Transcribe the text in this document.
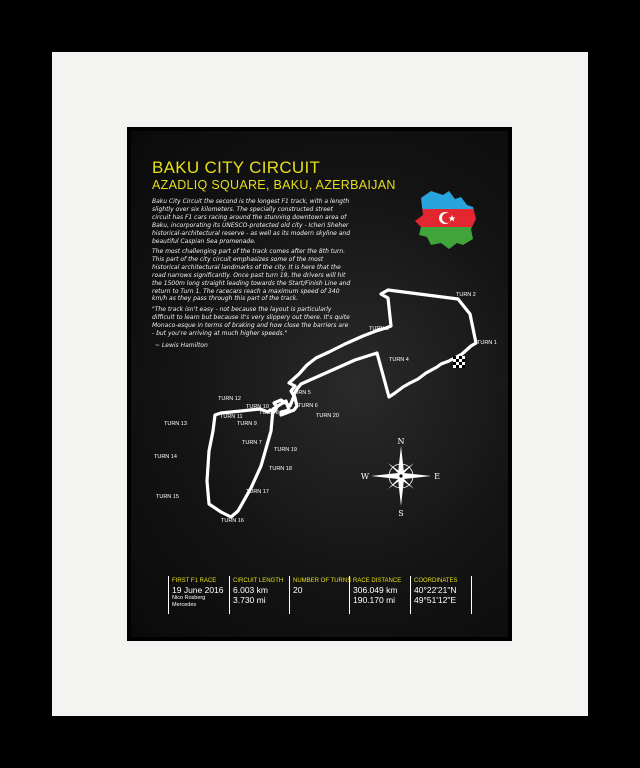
BAKU CITY CIRCUIT
AZADLIQ SQUARE, BAKU, AZERBAIJAN
Baku City Circuit the second is the longest F1 track, with a length slightly over six kilometers. The specially constructed street circuit has F1 cars racing around the stunning downtown area of Baku, incorporating its UNESCO-protected old city - Icheri Sheher historical-architectural reserve - as well as its modern skyline and beautiful Caspian Sea promenade.
The most challenging part of the track comes after the 8th turn. This part of the city circuit emphasizes some of the most historical architectural landmarks of the city. It is here that the road narrows significantly. Once past turn 19, the drivers will hit the 1500m long straight leading towards the Start/Finish Line and return to Turn 1. The racecars reach a maximum speed of 340 km/h as they pass through this part of the track.
"The track isn't easy - not because the layout is particularly difficult to learn but because it's very slippery out there. It's quite Monaco-esque in terms of braking and how close the barriers are - but you're arriving at much higher speeds."
~ Lewis Hamilton	TURN 1
TURN 2
TURN 3
TURN 4
TURN 5
TURN 6
TURN 7
TURN 8
TURN 9
TURN 10
TURN 11
TURN 12
TURN 13
TURN 14
TURN 15
TURN 16
TURN 17
TURN 18
TURN 19
TURN 20
N
S
E
W
FIRST F1 RACE
19 June 2016
Nico Rosberg
Mercedes
CIRCUIT LENGTH
6.003 km
3.730 mi
NUMBER OF TURNS
20
RACE DISTANCE
306.049 km
190.170 mi
COORDINATES
40°22'21"N
49°51'12"E
